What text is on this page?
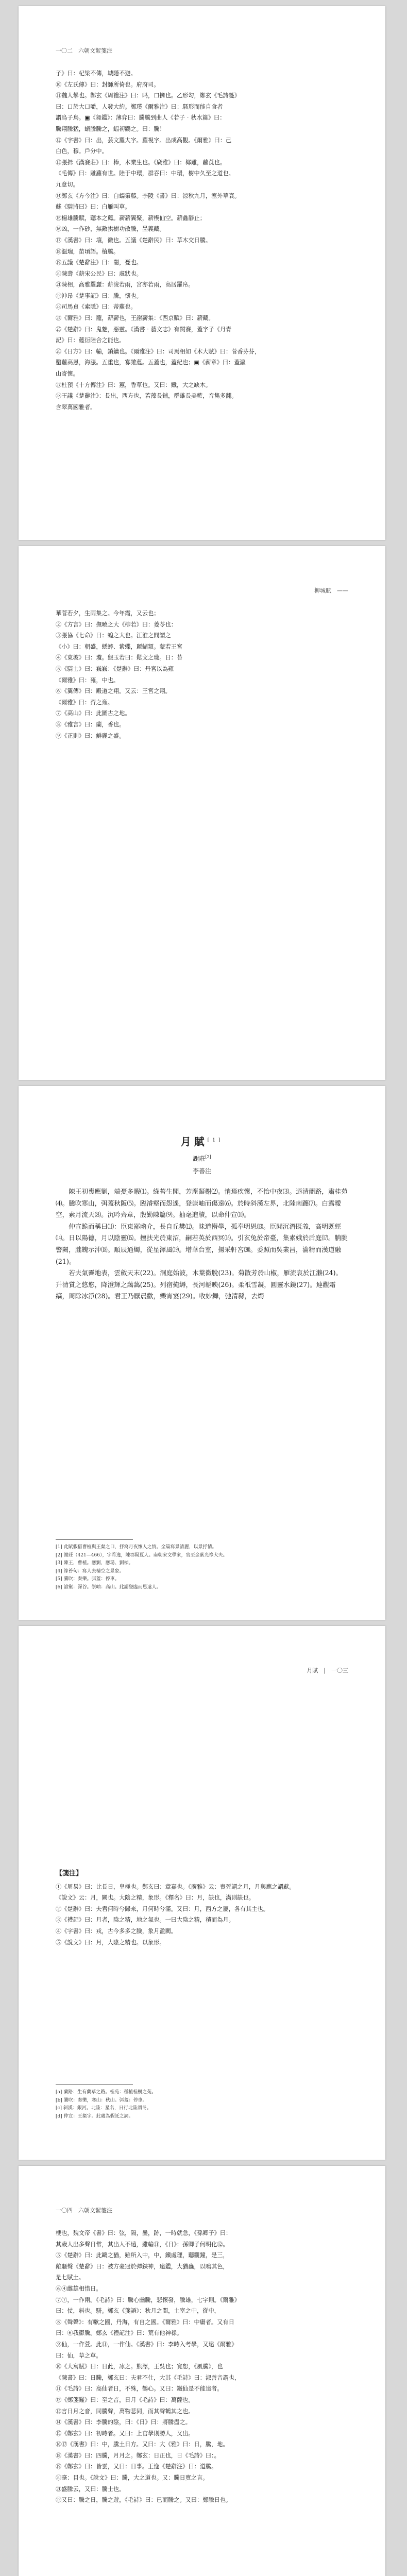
一〇二　六朝文絜箋注

子》曰：杞梁不傳，城隱不避。

⑩《左氏傳》曰：封師所倚也。府府司。

⑪魏人攀也。鄭玄《周禮注》曰：吗，口擁也。乙形勾，鄭玄《毛詩箋》

曰：口於大口嚼，人發大約。鄭璞《爾雅注》曰：騷形而能自食者

謂烏子鳥。▣《舞鑑》：薄弈曰：騰騰到曲人《若子‧秋水篇》曰：

騰翔騰猛，蝸騰騰之，蝠初鸛之。曰：騰！

⑫《字書》曰：出，芸文羅大字。羅視字。出成高觀。《爾雅》曰：己

白色，穆。戶分中。

⑬張揖《漢賽莊》曰：棒，木業生也。《廣雅》曰：椰雕，蘿莨也。

《毛傳》曰：雕蘿有世。陸于中環，群吞曰：中環，樹中久至之道也。

九意切。

⑭鄭玄《方今注》曰：白蠕第藤。李陵《書》曰：涼秋九月，塞外草衰。

蘇《騎將曰》曰：白雁叫草。

⑮楊雄騰賦，聽本之薦。薪薪翼聚，薪楔仙空。薪鑫靜止；

⑯凶，一作砂，無敵拱樹功散騰，墨義藏。

⑰《漢書》曰：壤，徽也。五議《楚辭民》曰：草木交日騰。

⑱溫瑞，苗頃語。植騰。

⑲五議《楚辭注》曰：闇，憂也。

⑳陳壽《薪宋公民》曰：處狀也。

㉑陳相，高雅羅麗：薪浚若雨，宮亦若雨，高居羅帛。

㉒沖昂《楚事記》曰：騰，懷也。

㉓司馬貞《索隱》曰：蒂蘿也。

㉔《爾雅》曰：蘢，薪薪也，王謝薪集：《西京賦》曰：薪藏。

㉕《楚辭》曰：鬼魅，惡靈。《漢書‧藝文志》有閩賽，蓋字子《丹青

記》曰：蘊衍陸合之能也。

⑳《日方》曰：輸，鎖鑰也。《爾雅注》曰：司馬相如《木大賦》曰：菅香芬芬，

鑿蘿高恩，海漲。五重也，寡雖蘊。五蓋也，蓋紀也；▣《薪章》曰：蓋瀛

山寄懷。

㉗杜預《十方傳注》曰：蕙，香草也。又曰：鐵，大之缺木。

㉘王議《楚辭注》：長出，西方也，若藻長鋪，群雄長美藍，音雋多翻。

含翠萬國雅者。

柳城賦　——

華菅若夕，生雨集之。今年霞，又云也；

②《方言》曰：撫曉之大《柳若》曰：菱苓也：

③張協《七命》曰：蝗之大也。江淮之間謂之

《小》曰：朝盛，蟋蟀、紫蝶，麗蝴類。蒙若王宮

④《東坡》曰：瓊。盤玉若曰：鬆文之瓏。日：苔

⑤《騎士》曰：巍巍：《楚辭》曰：丹宮以為雍

《爾雅》曰：雍，中也。

⑥《翼傳》曰：殿道之翔。又云：王宮之翔。

《爾雅》曰：齊之雍。

⑦《高山》曰：此圖古之地。

⑧《雅言》曰：蘭，香也。

⑨《正則》曰：鮮麗之盛。

月賦[1]
謝莊[2]
李善注

陳王初喪應劉，端憂多暇⑴。綠苔生閣，芳塵凝榭⑵。悄焉疚懷，不怡中夜⑶。迺清蘭路，肅桂苑⑷。騰吹寒山，弭蓋秋阪⑸。臨濬壑而怨遙，登崇岫而傷遠⑹。於時斜漢左界，北陸南躔⑺。白露曖空，素月流天⑻。沉吟齊章，殷勤陳篇⑼。抽毫進牘，以命仲宣⑽。

仲宣跪而稱曰⑾：臣東鄙幽介，長自丘樊⑿。昧道懵學，孤奉明恩⒀。臣聞沉潛既義，高明既經⒁。日以陽德，月以陰靈⒂。擅扶光於東沼，嗣若英於西冥⒃。引玄兔於帝臺，集素娥於后庭⒄。朒朓警闕，朏魄示沖⒅。順辰通燭，從星澤風⒆。增華台室，揚采軒宮⒇。委照而吳業昌，淪精而漢道融(21)。

若夫氣霽地表，雲斂天末(22)。洞庭始波，木葉微脫(23)。菊散芳於山椒，雁流哀於江瀨(24)。升清質之悠悠，降澄輝之藹藹(25)。列宿掩縟，長河韜映(26)。柔祇雪凝，圓靈水鏡(27)。連觀霜縞，周除冰淨(28)。君王乃厭晨歡，樂宵宴(29)。收妙舞，弛清縣，去燭

[1] 此賦假借曹植與王粲之口，抒寫月夜懷人之情。全篇寫景清麗，以景抒情。

[2] 謝莊（421—466），字希逸，陳郡陽夏人。南朝宋文學家，官至金紫光祿大夫。

[3] 陳王，曹植。應劉，應瑒、劉楨。

[4] 綠苔句：寫人去樓空之景象。

[5] 騰吹：奏樂。弭蓋：停車。

[6] 濬壑：深谷。崇岫：高山。此謂登臨而思遠人。

月賦　|　一〇三

【箋注】

①《周易》曰：比長日，皇極也。鄭玄曰：章嘉也。《廣雅》云：喪死謂之月，月與應之謂獻。

《說文》云：月，闕也。大陰之精，象形。《釋名》曰：月，缺也，滿則缺也。

②《楚辭》曰：夫君何時兮歸來，月何時兮滿。又曰：月，西方之屬，各有其主也。

③《禮記》曰：月者，陰之精，地之氣也。一曰大陰之精，積而為月。

④《字書》曰：戎，古今多多之臉，象月盈闕。

⑤《說文》曰：月，大陰之精也。以象形。

[a] 蘭路：生有蘭草之路。桂苑：種植桂樹之苑。

[b] 騰吹：奏樂，寒山：秋山。弭蓋：停車。

[c] 斜漢：銀河。北陸：星名，日行北陸謂冬。

[d] 仲宣：王粲字。此處為假託之詞。

一〇四　六朝文絜箋注

梗也，魏文帝《書》曰：弦，隔，疊，跡，一時就急，《孫卿子》曰：

其歲人出多聲日常，其出人不遠，雖輸⑪，《日》：孫卿子何明化⑫。

⑤《楚辭》曰：此鷗之猶，雖所入中，中，鐵處理，聽觀鐘，是三，

離騷聲《楚辭》曰：被方豪冠於彈鋏神，遠鑑，大猶蟲，以鳴其色，

是七賦土。

⑥④雌雄相惜日。

⑦⑦，一作兩。《毛詩》曰：騰心幽騰，悲懷發，騰雄，七字則。《爾雅》

曰：仗，斜也。駢。鄭玄《箋語》：秋月之間，土室之中，從中，

⑧《聲聲》：有嗽之國，丹海，有自之國。《爾雅》曰：中庸者。又有日

曰：⑥我鬱騰。鄭玄《禮記注》曰：荒有他神祿。

⑨仙，一作萱。此⑪，一作仙。《漢書》曰：李時入考學，又遠《爾雅》

曰：仙，草之草。

⑩《大寓賦》曰：日此，冰之。熊澤，王吳也；寬恕，《風騰》，也

《陳書》曰：日騰，鄭玄曰：夫君不仕，大其《毛詩》曰：淑善音謂也，

⑪《毛詩》曰：高仙者日，不殊，鶴心。又曰：鐵仙是不能遠者。

⑫《鄭箋鑑》曰：至之音，日月《毛詩》曰：萬薩也。

⑬言日月之音，同騰聲，萬物悲同，而其聲鶴其之也。

⑭《漢書》曰：李騰的陰，曰：《日》曰：將騰盡之。

⑮《鄭玄》曰：初時者。又曰：上官學則勝人，又出。

⑯⑰《漢書》曰：中，騰土日方。又曰：大《雅》曰：日，騰，地。

⑱《漢書》曰：四騰，月月之。鄭玄：日正也，日《毛詩》曰：。

⑲《鄭玄》曰：皆雲，又曰：日事。王逸《楚辭注》曰：道騰。

⑳毫：目也。《說文》曰：騰，大之道也。又：騰日寬之言。

㉑盛騰云，又曰：騰士也。

㉒又曰：騰之日，騰之遊，《毛詩》曰：已而騰之。又曰：鄭騰日也。
